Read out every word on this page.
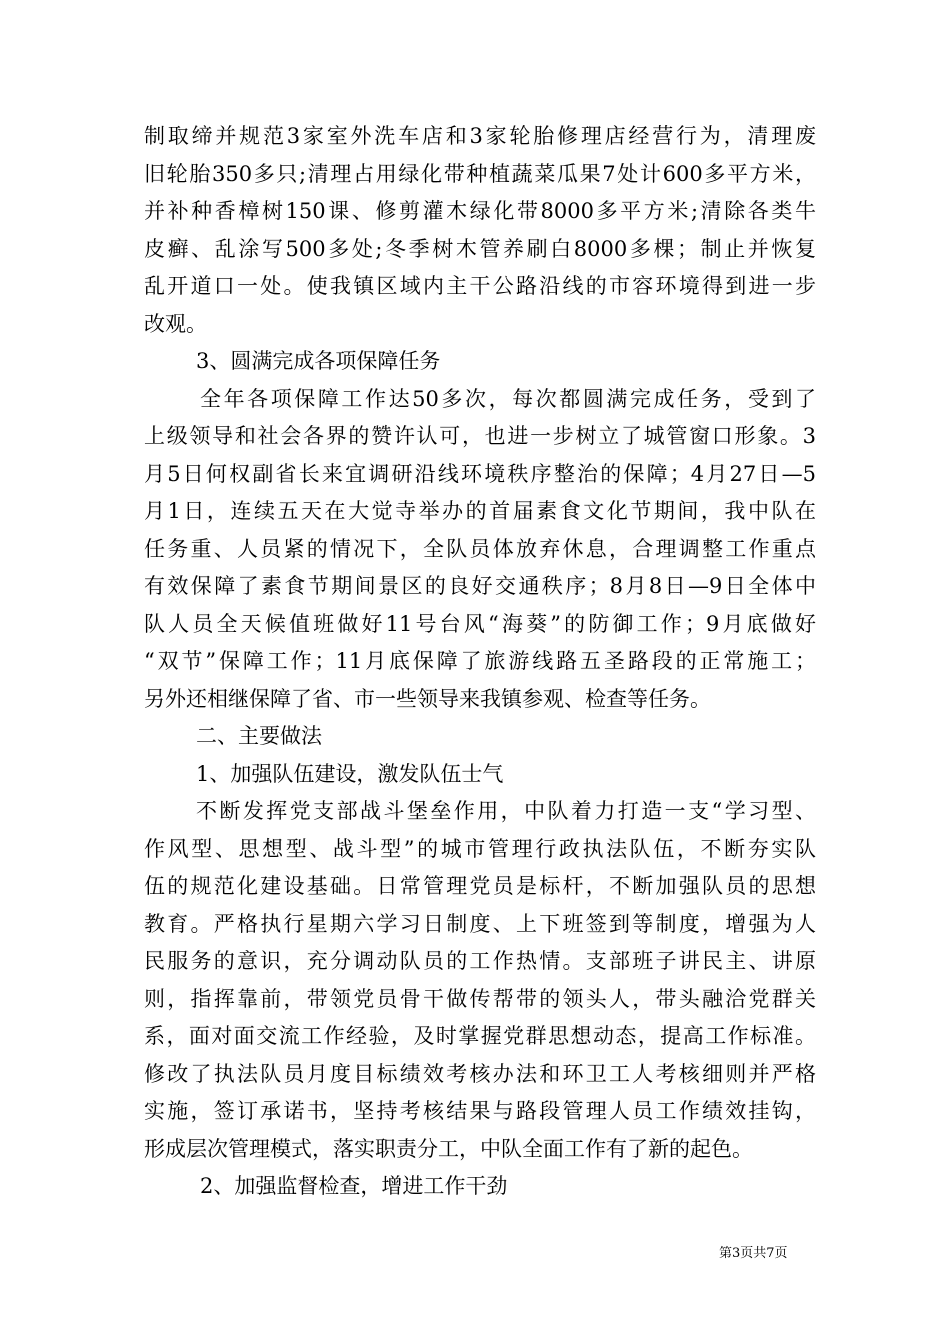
制取缔并规范3家室外洗车店和3家轮胎修理店经营行为，清理废
旧轮胎350多只;清理占用绿化带种植蔬菜瓜果7处计600多平方米，
并补种香樟树150课、修剪灌木绿化带8000多平方米;清除各类牛
皮癣、乱涂写500多处;冬季树木管养刷白8000多棵；制止并恢复
乱开道口一处。使我镇区域内主干公路沿线的市容环境得到进一步
改观。
3、圆满完成各项保障任务
全年各项保障工作达50多次，每次都圆满完成任务，受到了
上级领导和社会各界的赞许认可，也进一步树立了城管窗口形象。3
月5日何权副省长来宜调研沿线环境秩序整治的保障；4月27日—5
月1日，连续五天在大觉寺举办的首届素食文化节期间，我中队在
任务重、人员紧的情况下，全队员体放弃休息，合理调整工作重点
有效保障了素食节期间景区的良好交通秩序；8月8日—9日全体中
队人员全天候值班做好11号台风“海葵”的防御工作；9月底做好
“双节”保障工作；11月底保障了旅游线路五圣路段的正常施工；
另外还相继保障了省、市一些领导来我镇参观、检查等任务。
二、主要做法
1、加强队伍建设，激发队伍士气
不断发挥党支部战斗堡垒作用，中队着力打造一支“学习型、
作风型、思想型、战斗型”的城市管理行政执法队伍，不断夯实队
伍的规范化建设基础。日常管理党员是标杆，不断加强队员的思想
教育。严格执行星期六学习日制度、上下班签到等制度，增强为人
民服务的意识，充分调动队员的工作热情。支部班子讲民主、讲原
则，指挥靠前，带领党员骨干做传帮带的领头人，带头融洽党群关
系，面对面交流工作经验，及时掌握党群思想动态，提高工作标准。
修改了执法队员月度目标绩效考核办法和环卫工人考核细则并严格
实施，签订承诺书，坚持考核结果与路段管理人员工作绩效挂钩，
形成层次管理模式，落实职责分工，中队全面工作有了新的起色。
2、加强监督检查，增进工作干劲
第3页共7页
